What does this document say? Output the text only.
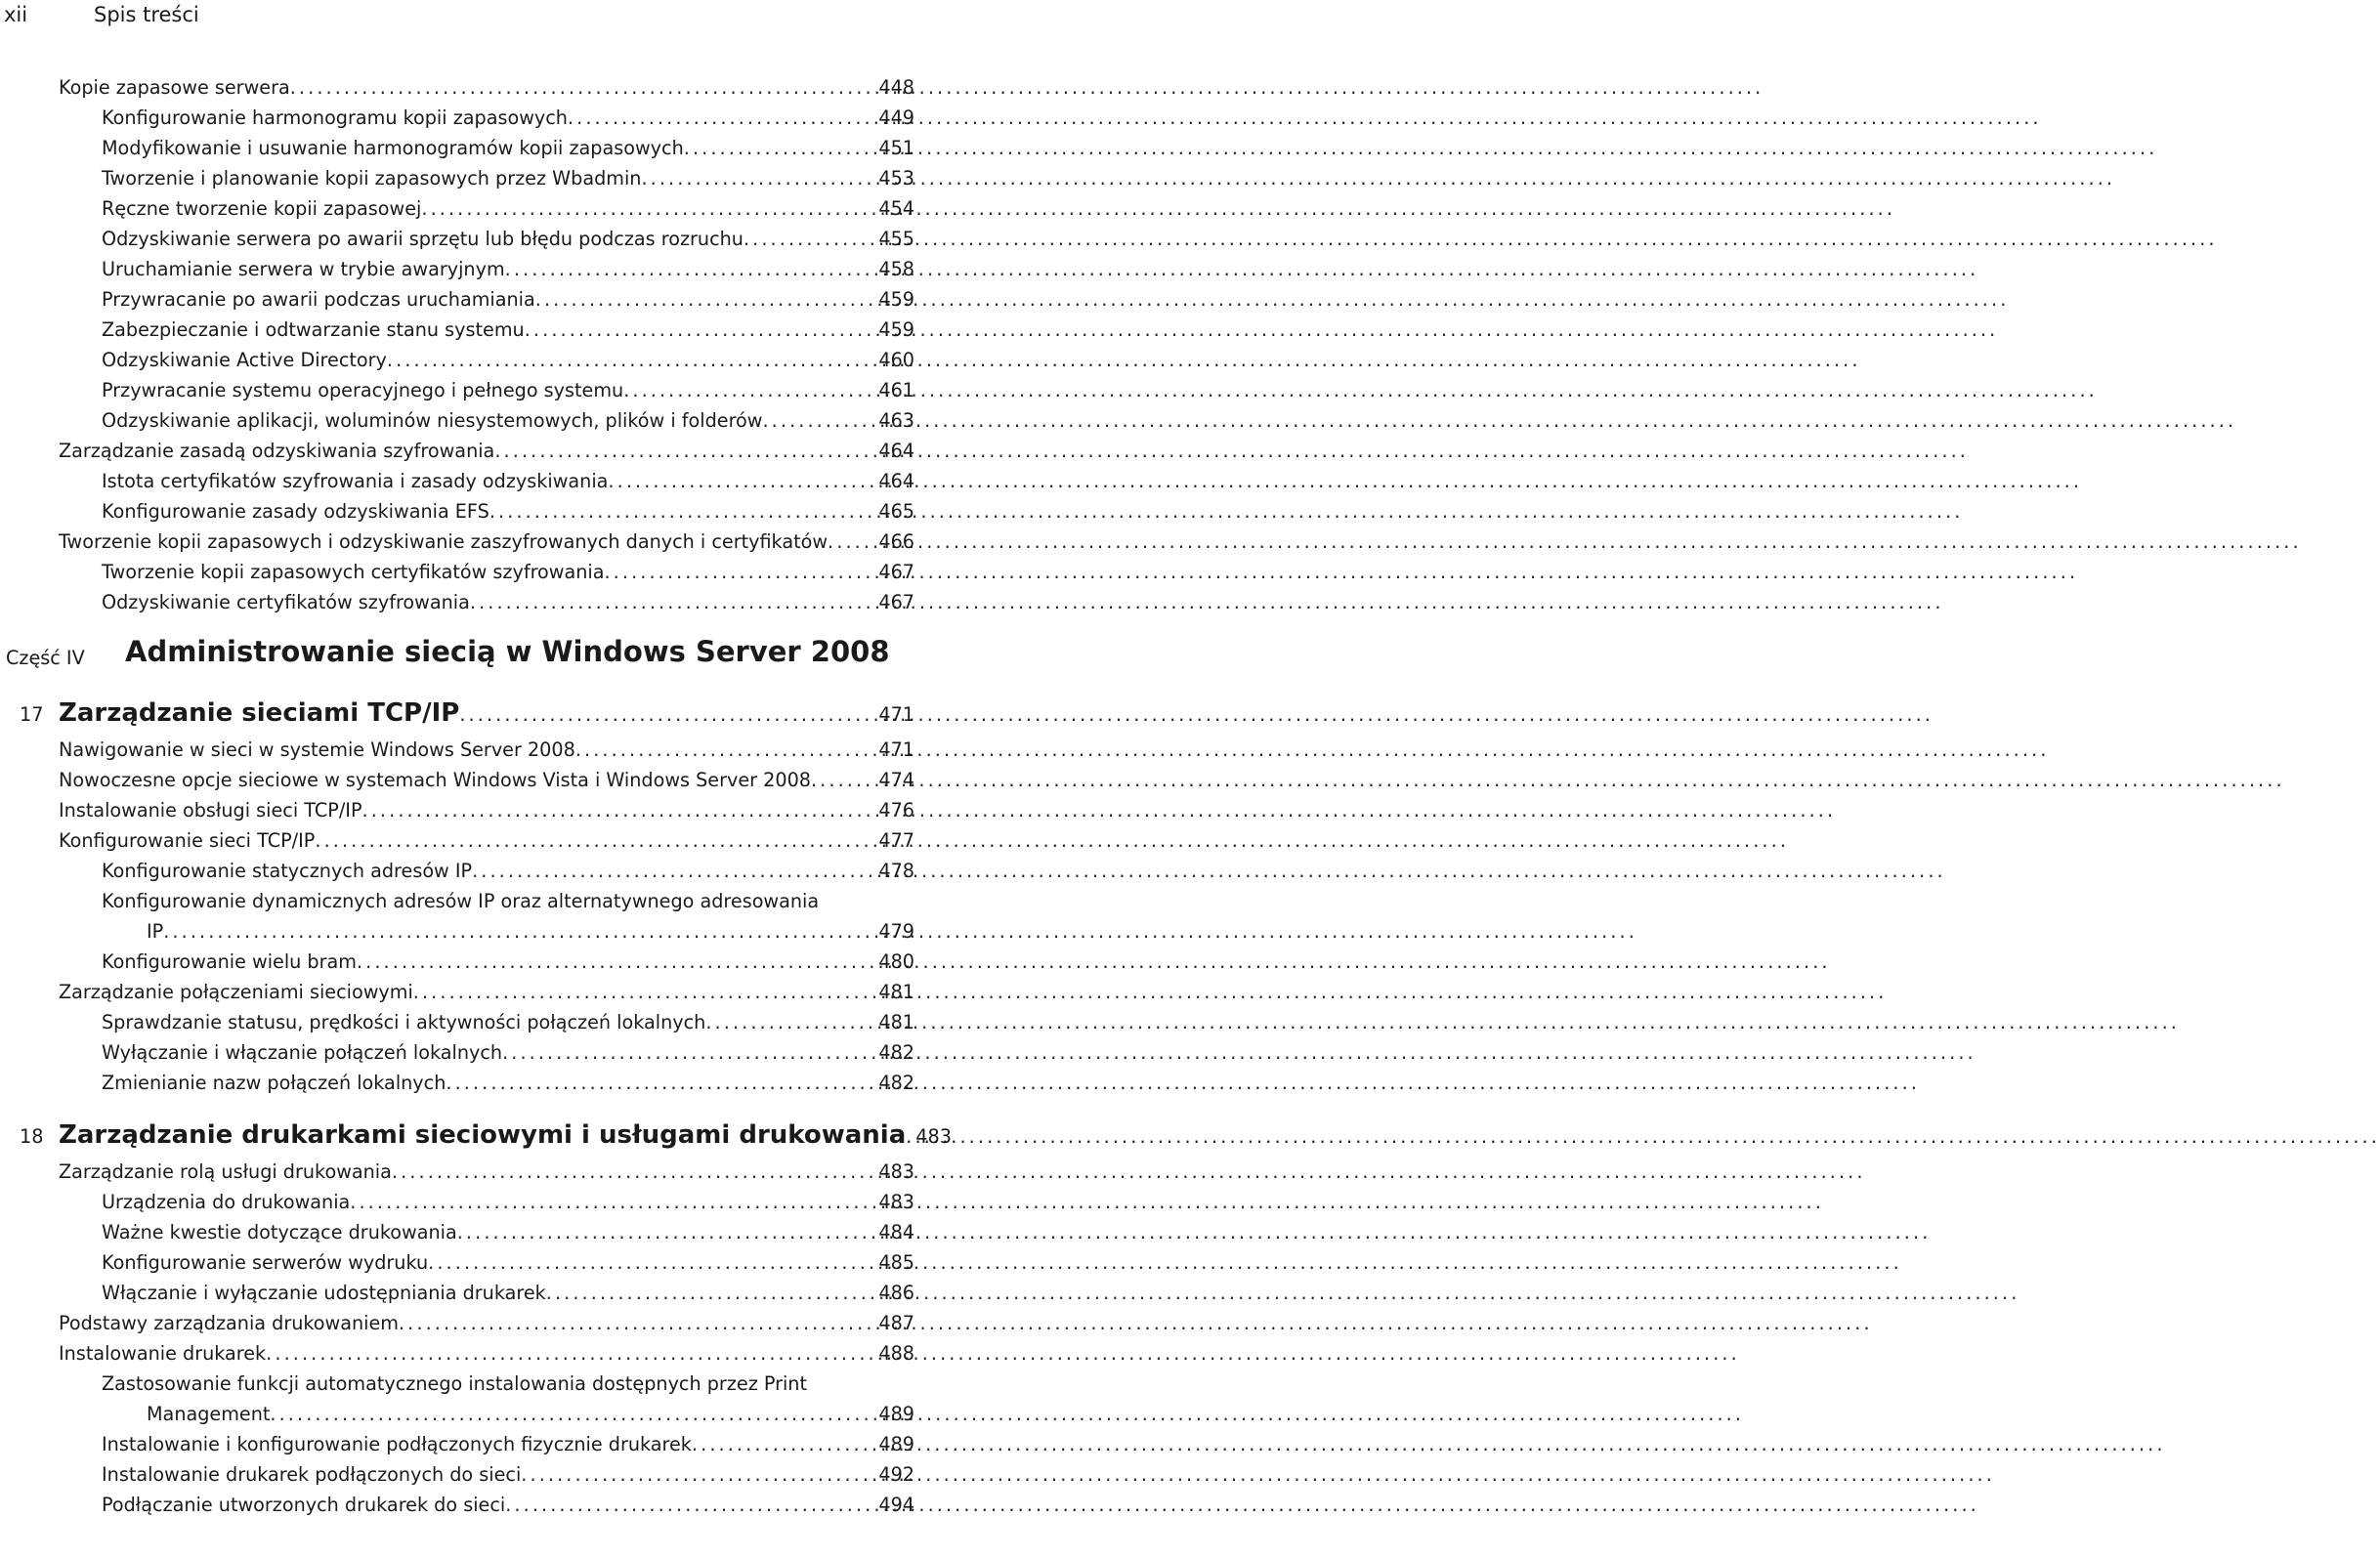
xii	Spis treści
Kopie zapasowe serwera .....	448
Konfigurowanie harmonogramu kopii zapasowych .....	449
Modyfikowanie i usuwanie harmonogramów kopii zapasowych .....	451
Tworzenie i planowanie kopii zapasowych przez Wbadmin .....	453
Ręczne tworzenie kopii zapasowej .....	454
Odzyskiwanie serwera po awarii sprzętu lub błędu podczas rozruchu .....	455
Uruchamianie serwera w trybie awaryjnym .....	458
Przywracanie po awarii podczas uruchamiania .....	459
Zabezpieczanie i odtwarzanie stanu systemu .....	459
Odzyskiwanie Active Directory .....	460
Przywracanie systemu operacyjnego i pełnego systemu .....	461
Odzyskiwanie aplikacji, woluminów niesystemowych, plików i folderów .....	463
Zarządzanie zasadą odzyskiwania szyfrowania .....	464
Istota certyfikatów szyfrowania i zasady odzyskiwania .....	464
Konfigurowanie zasady odzyskiwania EFS .....	465
Tworzenie kopii zapasowych i odzyskiwanie zaszyfrowanych danych i certyfikatów .....	466
Tworzenie kopii zapasowych certyfikatów szyfrowania .....	467
Odzyskiwanie certyfikatów szyfrowania .....	467
Część IV Administrowanie siecią w Windows Server 2008
17 Zarządzanie sieciami TCP/IP .....	471
Nawigowanie w sieci w systemie Windows Server 2008 .....	471
Nowoczesne opcje sieciowe w systemach Windows Vista i Windows Server 2008 .....	474
Instalowanie obsługi sieci TCP/IP .....	476
Konfigurowanie sieci TCP/IP .....	477
Konfigurowanie statycznych adresów IP .....	478
Konfigurowanie dynamicznych adresów IP oraz alternatywnego adresowania
IP .....	479
Konfigurowanie wielu bram .....	480
Zarządzanie połączeniami sieciowymi .....	481
Sprawdzanie statusu, prędkości i aktywności połączeń lokalnych .....	481
Wyłączanie i włączanie połączeń lokalnych .....	482
Zmienianie nazw połączeń lokalnych .....	482
18 Zarządzanie drukarkami sieciowymi i usługami drukowania ..... 483
Zarządzanie rolą usługi drukowania .....	483
Urządzenia do drukowania .....	483
Ważne kwestie dotyczące drukowania .....	484
Konfigurowanie serwerów wydruku .....	485
Włączanie i wyłączanie udostępniania drukarek .....	486
Podstawy zarządzania drukowaniem .....	487
Instalowanie drukarek .....	488
Zastosowanie funkcji automatycznego instalowania dostępnych przez Print
Management .....	489
Instalowanie i konfigurowanie podłączonych fizycznie drukarek .....	489
Instalowanie drukarek podłączonych do sieci .....	492
Podłączanie utworzonych drukarek do sieci .....	494
